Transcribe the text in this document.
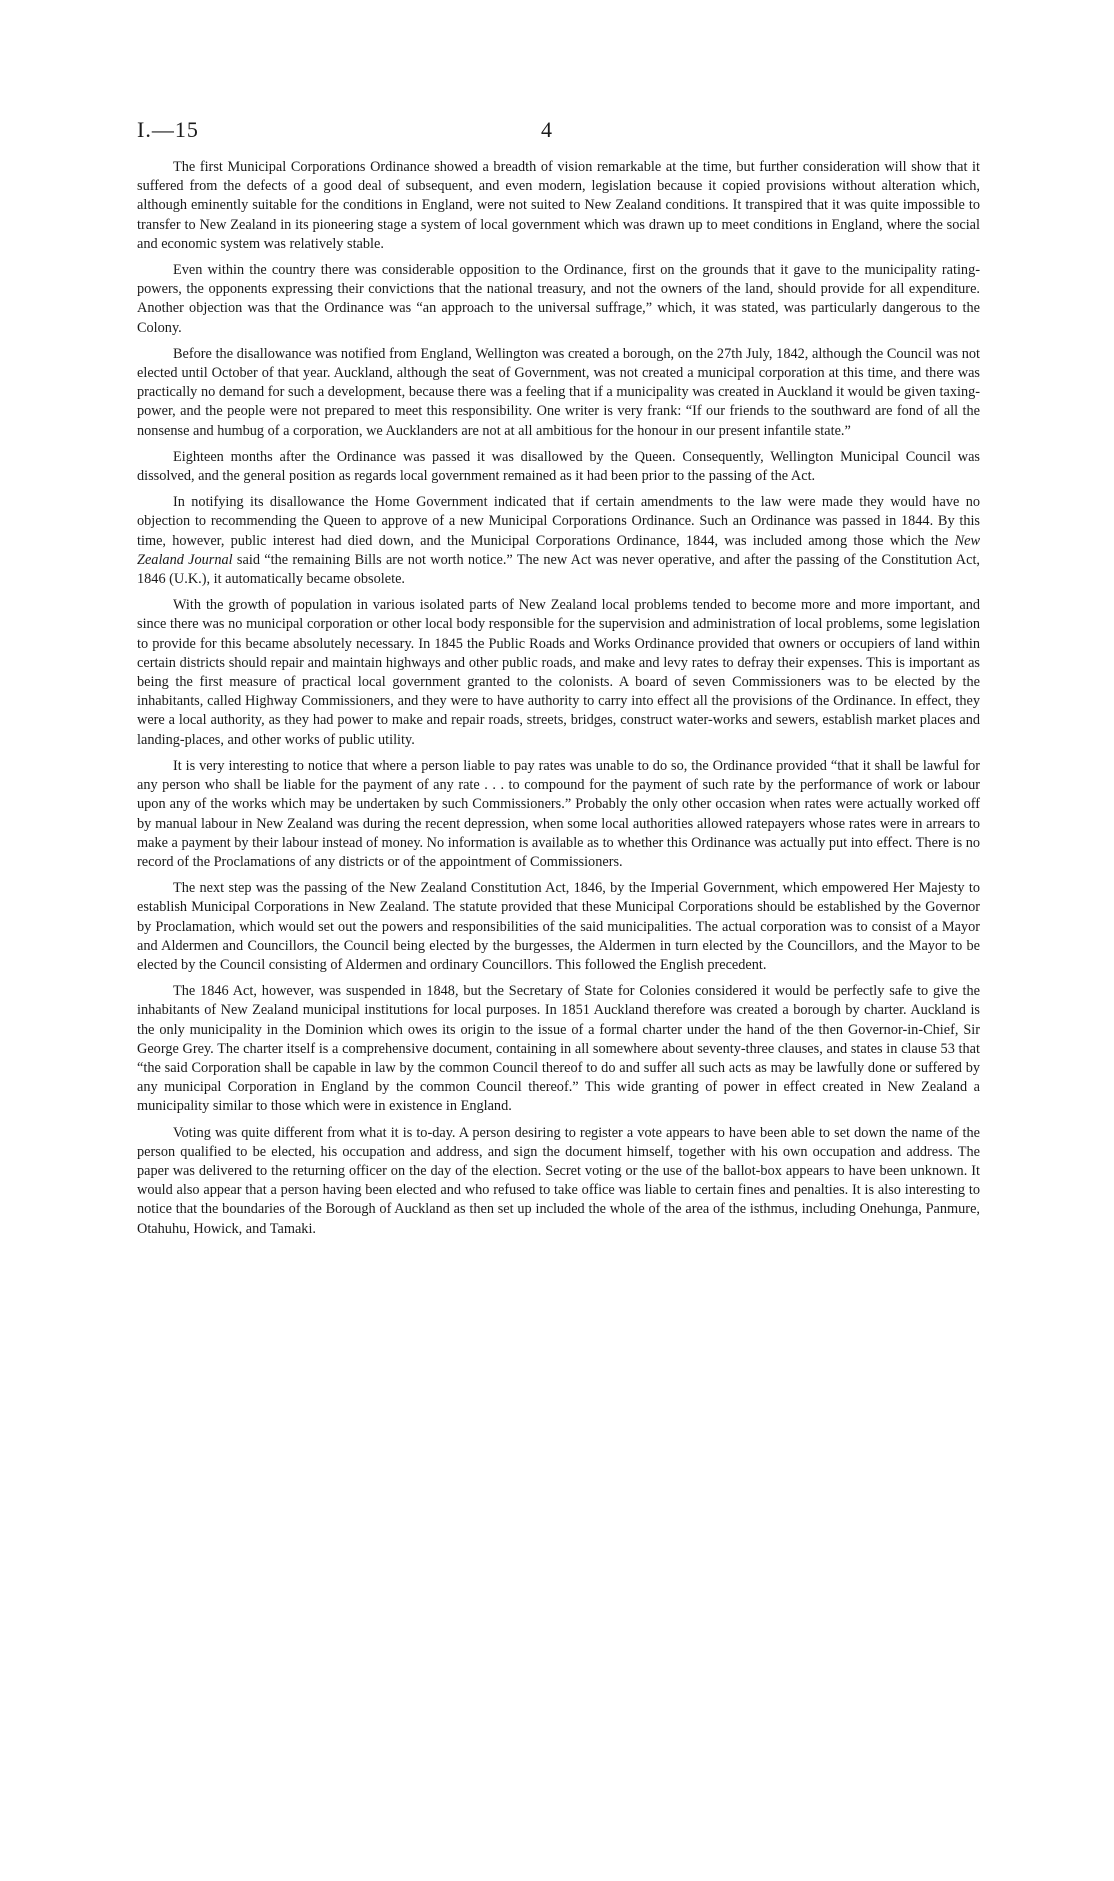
I.—15	4

The first Municipal Corporations Ordinance showed a breadth of vision remarkable at the time, but further consideration will show that it suffered from the defects of a good deal of subsequent, and even modern, legislation because it copied provisions without alteration which, although eminently suitable for the conditions in England, were not suited to New Zealand conditions. It transpired that it was quite impossible to transfer to New Zealand in its pioneering stage a system of local government which was drawn up to meet conditions in England, where the social and economic system was relatively stable.

Even within the country there was considerable opposition to the Ordinance, first on the grounds that it gave to the municipality rating-powers, the opponents expressing their convictions that the national treasury, and not the owners of the land, should provide for all expenditure. Another objection was that the Ordinance was “an approach to the universal suffrage,” which, it was stated, was particularly dangerous to the Colony.

Before the disallowance was notified from England, Wellington was created a borough, on the 27th July, 1842, although the Council was not elected until October of that year. Auckland, although the seat of Government, was not created a municipal corporation at this time, and there was practically no demand for such a development, because there was a feeling that if a municipality was created in Auckland it would be given taxing-power, and the people were not prepared to meet this responsibility. One writer is very frank: “If our friends to the southward are fond of all the nonsense and humbug of a corporation, we Aucklanders are not at all ambitious for the honour in our present infantile state.”

Eighteen months after the Ordinance was passed it was disallowed by the Queen. Consequently, Wellington Municipal Council was dissolved, and the general position as regards local government remained as it had been prior to the passing of the Act.

In notifying its disallowance the Home Government indicated that if certain amendments to the law were made they would have no objection to recommending the Queen to approve of a new Municipal Corporations Ordinance. Such an Ordinance was passed in 1844. By this time, however, public interest had died down, and the Municipal Corporations Ordinance, 1844, was included among those which the New Zealand Journal said “the remaining Bills are not worth notice.” The new Act was never operative, and after the passing of the Constitution Act, 1846 (U.K.), it automatically became obsolete.

With the growth of population in various isolated parts of New Zealand local problems tended to become more and more important, and since there was no municipal corporation or other local body responsible for the supervision and administration of local problems, some legislation to provide for this became absolutely necessary. In 1845 the Public Roads and Works Ordinance provided that owners or occupiers of land within certain districts should repair and maintain highways and other public roads, and make and levy rates to defray their expenses. This is important as being the first measure of practical local government granted to the colonists. A board of seven Commissioners was to be elected by the inhabitants, called Highway Commissioners, and they were to have authority to carry into effect all the provisions of the Ordinance. In effect, they were a local authority, as they had power to make and repair roads, streets, bridges, construct water-works and sewers, establish market places and landing-places, and other works of public utility.

It is very interesting to notice that where a person liable to pay rates was unable to do so, the Ordinance provided “that it shall be lawful for any person who shall be liable for the payment of any rate . . . to compound for the payment of such rate by the performance of work or labour upon any of the works which may be undertaken by such Commissioners.” Probably the only other occasion when rates were actually worked off by manual labour in New Zealand was during the recent depression, when some local authorities allowed ratepayers whose rates were in arrears to make a payment by their labour instead of money. No information is available as to whether this Ordinance was actually put into effect. There is no record of the Proclamations of any districts or of the appointment of Commissioners.

The next step was the passing of the New Zealand Constitution Act, 1846, by the Imperial Government, which empowered Her Majesty to establish Municipal Corporations in New Zealand. The statute provided that these Municipal Corporations should be established by the Governor by Proclamation, which would set out the powers and responsibilities of the said municipalities. The actual corporation was to consist of a Mayor and Aldermen and Councillors, the Council being elected by the burgesses, the Aldermen in turn elected by the Councillors, and the Mayor to be elected by the Council consisting of Aldermen and ordinary Councillors. This followed the English precedent.

The 1846 Act, however, was suspended in 1848, but the Secretary of State for Colonies considered it would be perfectly safe to give the inhabitants of New Zealand municipal institutions for local purposes. In 1851 Auckland therefore was created a borough by charter. Auckland is the only municipality in the Dominion which owes its origin to the issue of a formal charter under the hand of the then Governor-in-Chief, Sir George Grey. The charter itself is a comprehensive document, containing in all somewhere about seventy-three clauses, and states in clause 53 that “the said Corporation shall be capable in law by the common Council thereof to do and suffer all such acts as may be lawfully done or suffered by any municipal Corporation in England by the common Council thereof.” This wide granting of power in effect created in New Zealand a municipality similar to those which were in existence in England.

Voting was quite different from what it is to-day. A person desiring to register a vote appears to have been able to set down the name of the person qualified to be elected, his occupation and address, and sign the document himself, together with his own occupation and address. The paper was delivered to the returning officer on the day of the election. Secret voting or the use of the ballot-box appears to have been unknown. It would also appear that a person having been elected and who refused to take office was liable to certain fines and penalties. It is also interesting to notice that the boundaries of the Borough of Auckland as then set up included the whole of the area of the isthmus, including Onehunga, Panmure, Otahuhu, Howick, and Tamaki.
